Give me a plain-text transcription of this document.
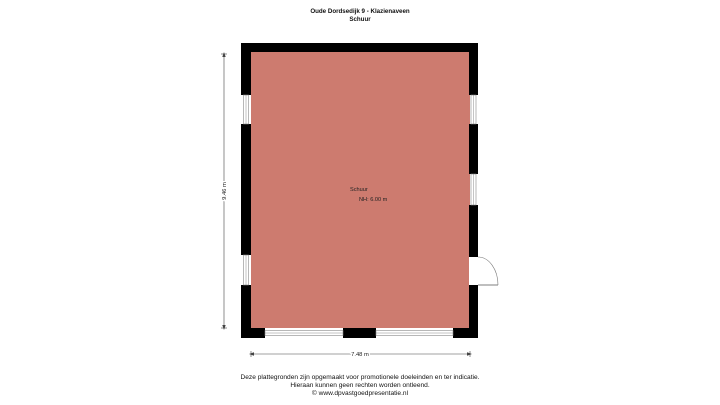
Oude Dordsedijk 9 - Klazienaveen
Schuur
Schuur
NH: 6.00 m
9.46 m
7.48 m
Deze plattegronden zijn opgemaakt voor promotionele doeleinden en ter indicatie.
Hieraan kunnen geen rechten worden ontleend.
© www.dpvastgoedpresentatie.nl
